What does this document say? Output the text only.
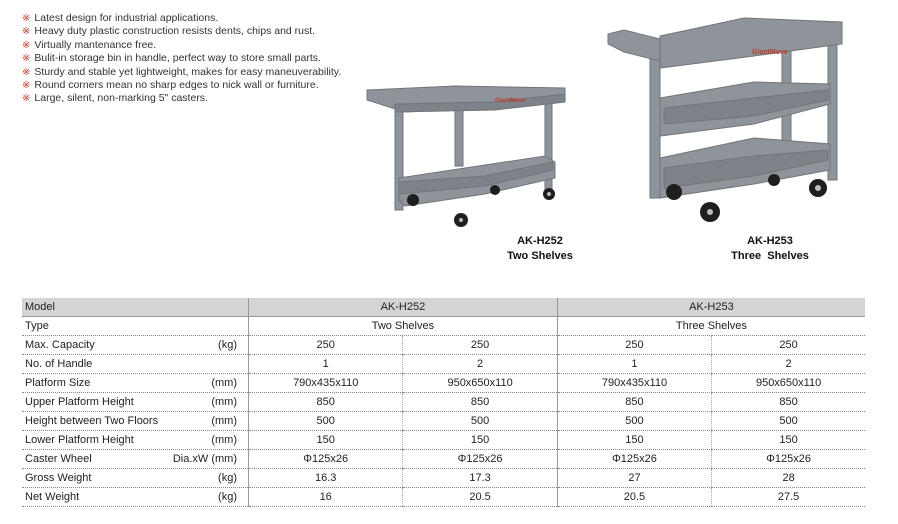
※ Latest design for industrial applications.
※ Heavy duty plastic construction resists dents, chips and rust.
※ Virtually mantenance free.
※ Bulit-in storage bin in handle, perfect way to store small parts.
※ Sturdy and stable yet lightweight, makes for easy maneuverability.
※ Round corners mean no sharp edges to nick wall or furniture.
※ Large, silent, non-marking 5" casters.	GiantMove
GiantMove
AK-H252
Two Shelves
AK-H253
Three  Shelves
Model	AK-H252		AK-H253	
Type	Two Shelves		Three Shelves	
Max. Capacity (kg)	250	250	250	250
No. of Handle	1	2	1	2
Platform Size (mm)	790x435x110	950x650x110	790x435x110	950x650x110
Upper Platform Height (mm)	850	850	850	850
Height between Two Floors (mm)	500	500	500	500
Lower Platform Height (mm)	150	150	150	150
Caster Wheel Dia.xW (mm)	Φ125x26	Φ125x26	Φ125x26	Φ125x26
Gross Weight (kg)	16.3	17.3	27	28
Net Weight (kg)	16	20.5	20.5	27.5
